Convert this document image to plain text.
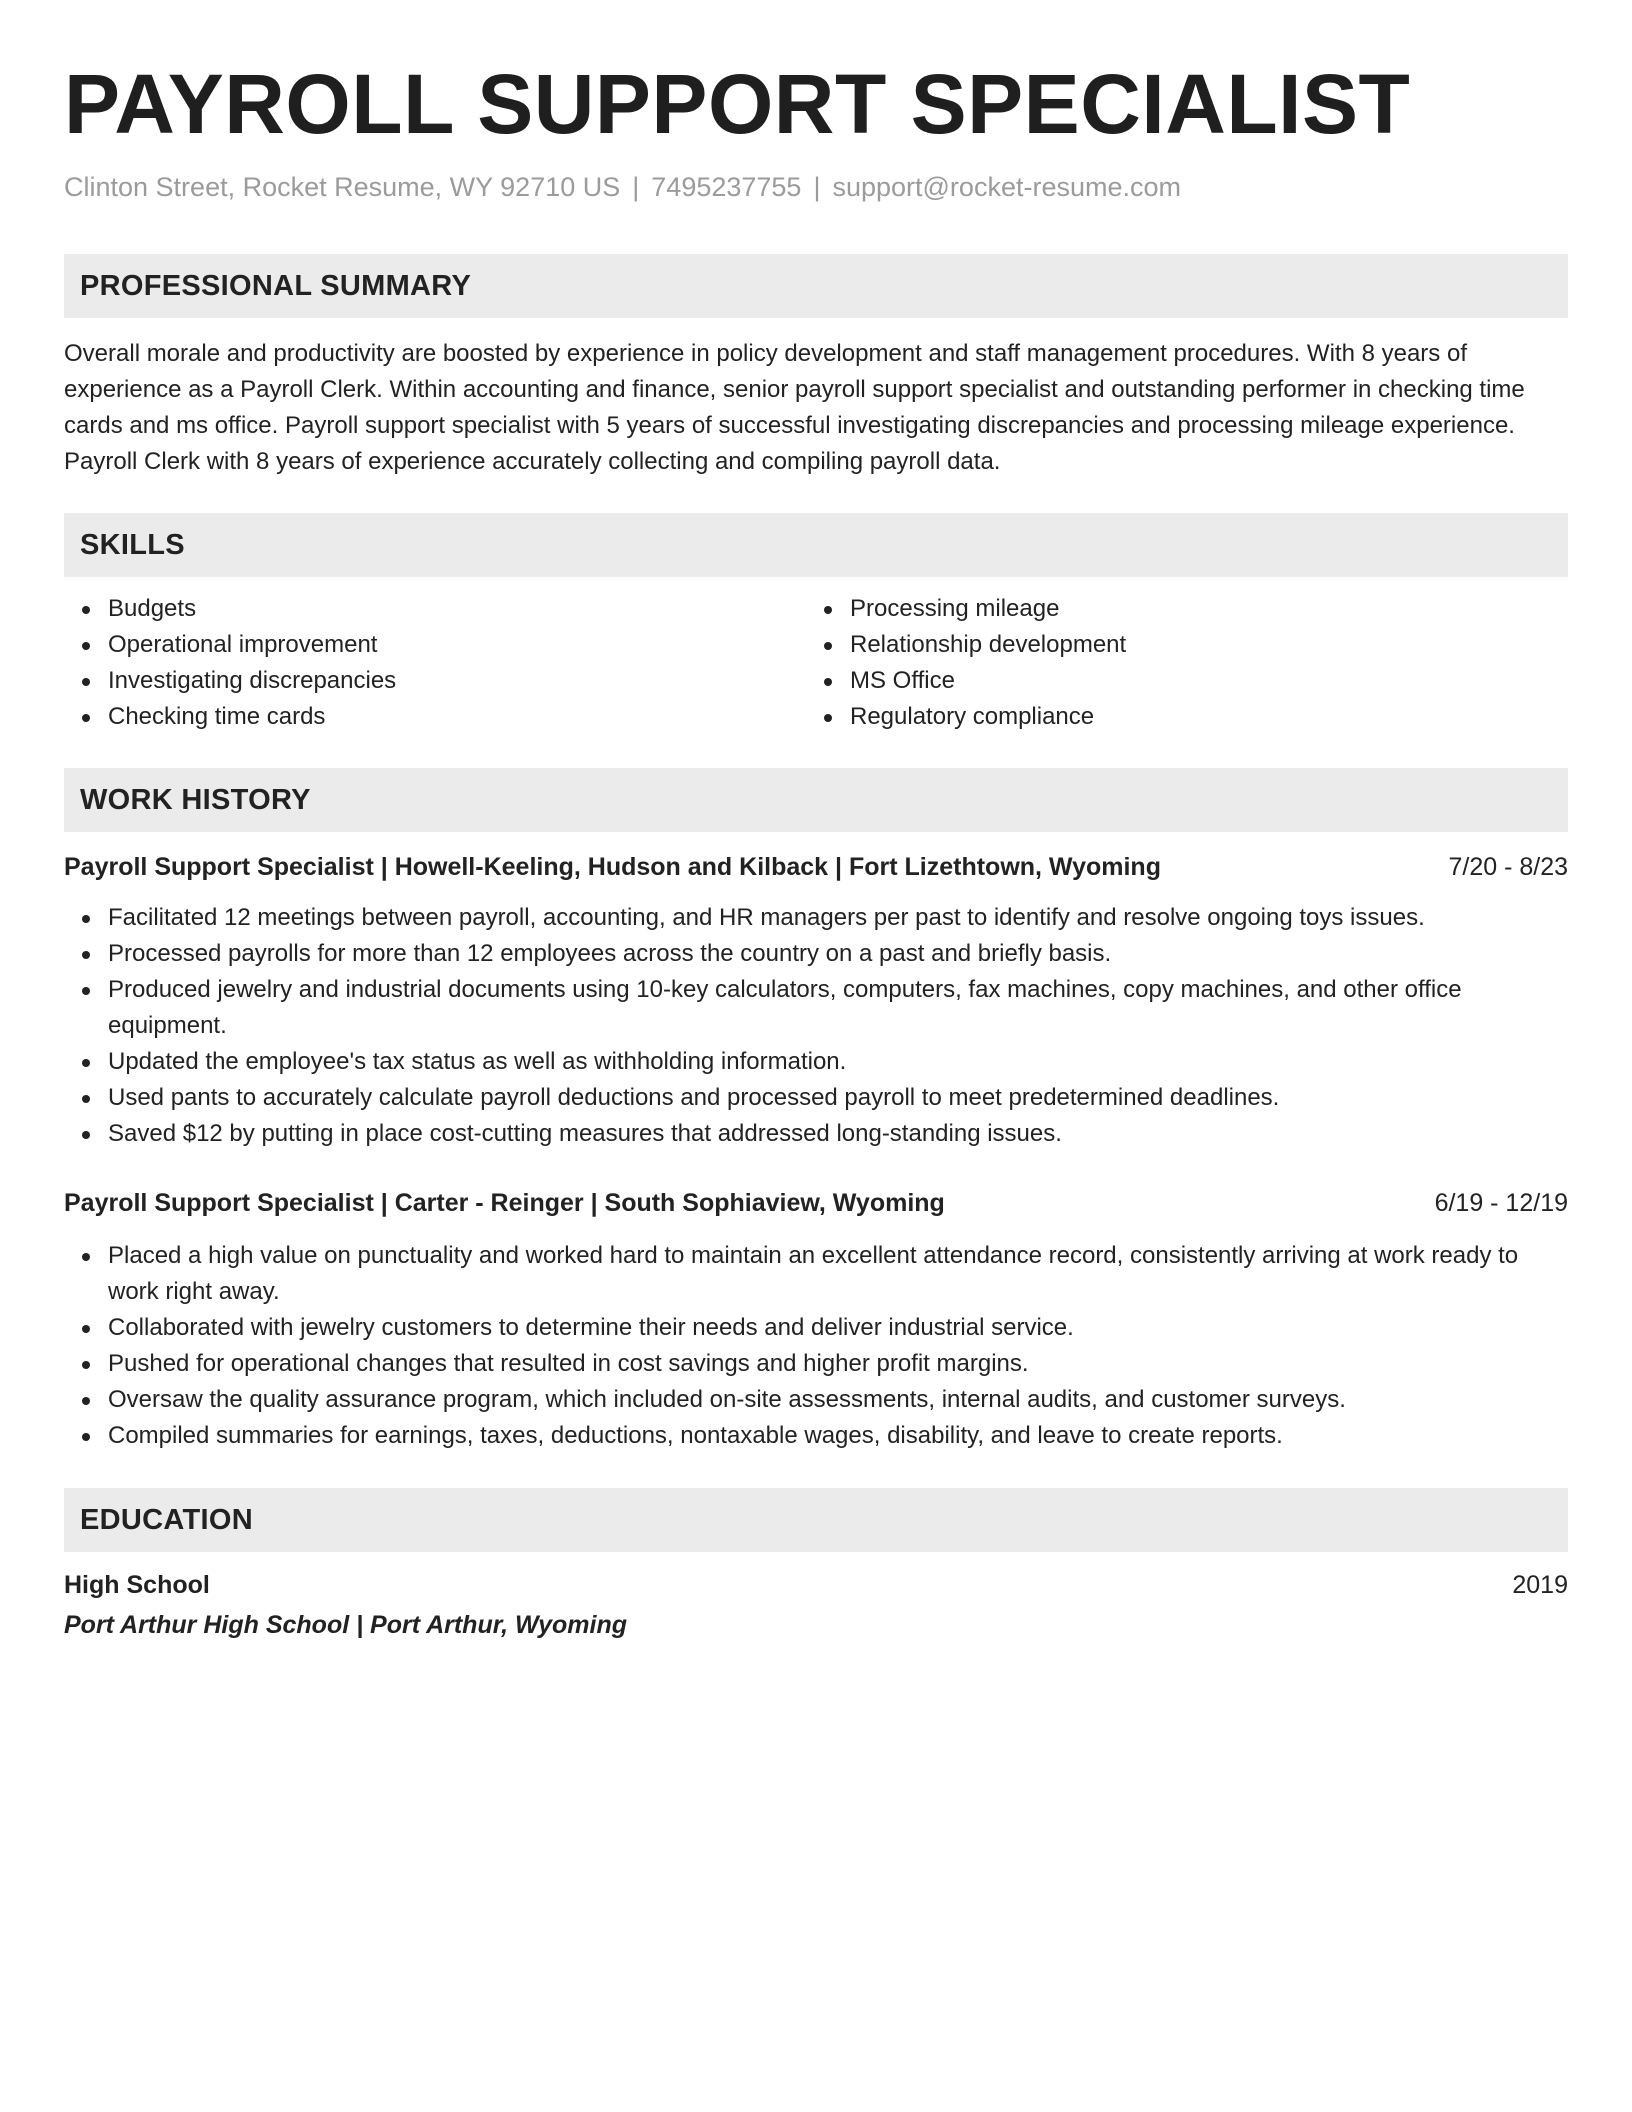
PAYROLL SUPPORT SPECIALIST
Clinton Street, Rocket Resume, WY 92710 US | 7495237755 | support@rocket-resume.com
PROFESSIONAL SUMMARY

Overall morale and productivity are boosted by experience in policy development and staff management procedures. With 8 years of experience as a Payroll Clerk. Within accounting and finance, senior payroll support specialist and outstanding performer in checking time cards and ms office. Payroll support specialist with 5 years of successful investigating discrepancies and processing mileage experience. Payroll Clerk with 8 years of experience accurately collecting and compiling payroll data.

SKILLS
Budgets
Operational improvement
Investigating discrepancies
Checking time cards
Processing mileage
Relationship development
MS Office
Regulatory compliance
WORK HISTORY
Payroll Support Specialist | Howell-Keeling, Hudson and Kilback | Fort Lizethtown, Wyoming	7/20 - 8/23
Facilitated 12 meetings between payroll, accounting, and HR managers per past to identify and resolve ongoing toys issues.
Processed payrolls for more than 12 employees across the country on a past and briefly basis.
Produced jewelry and industrial documents using 10-key calculators, computers, fax machines, copy machines, and other office equipment.
Updated the employee's tax status as well as withholding information.
Used pants to accurately calculate payroll deductions and processed payroll to meet predetermined deadlines.
Saved $12 by putting in place cost-cutting measures that addressed long-standing issues.
Payroll Support Specialist | Carter - Reinger | South Sophiaview, Wyoming	6/19 - 12/19
Placed a high value on punctuality and worked hard to maintain an excellent attendance record, consistently arriving at work ready to work right away.
Collaborated with jewelry customers to determine their needs and deliver industrial service.
Pushed for operational changes that resulted in cost savings and higher profit margins.
Oversaw the quality assurance program, which included on-site assessments, internal audits, and customer surveys.
Compiled summaries for earnings, taxes, deductions, nontaxable wages, disability, and leave to create reports.
EDUCATION
High School	2019
Port Arthur High School | Port Arthur, Wyoming
